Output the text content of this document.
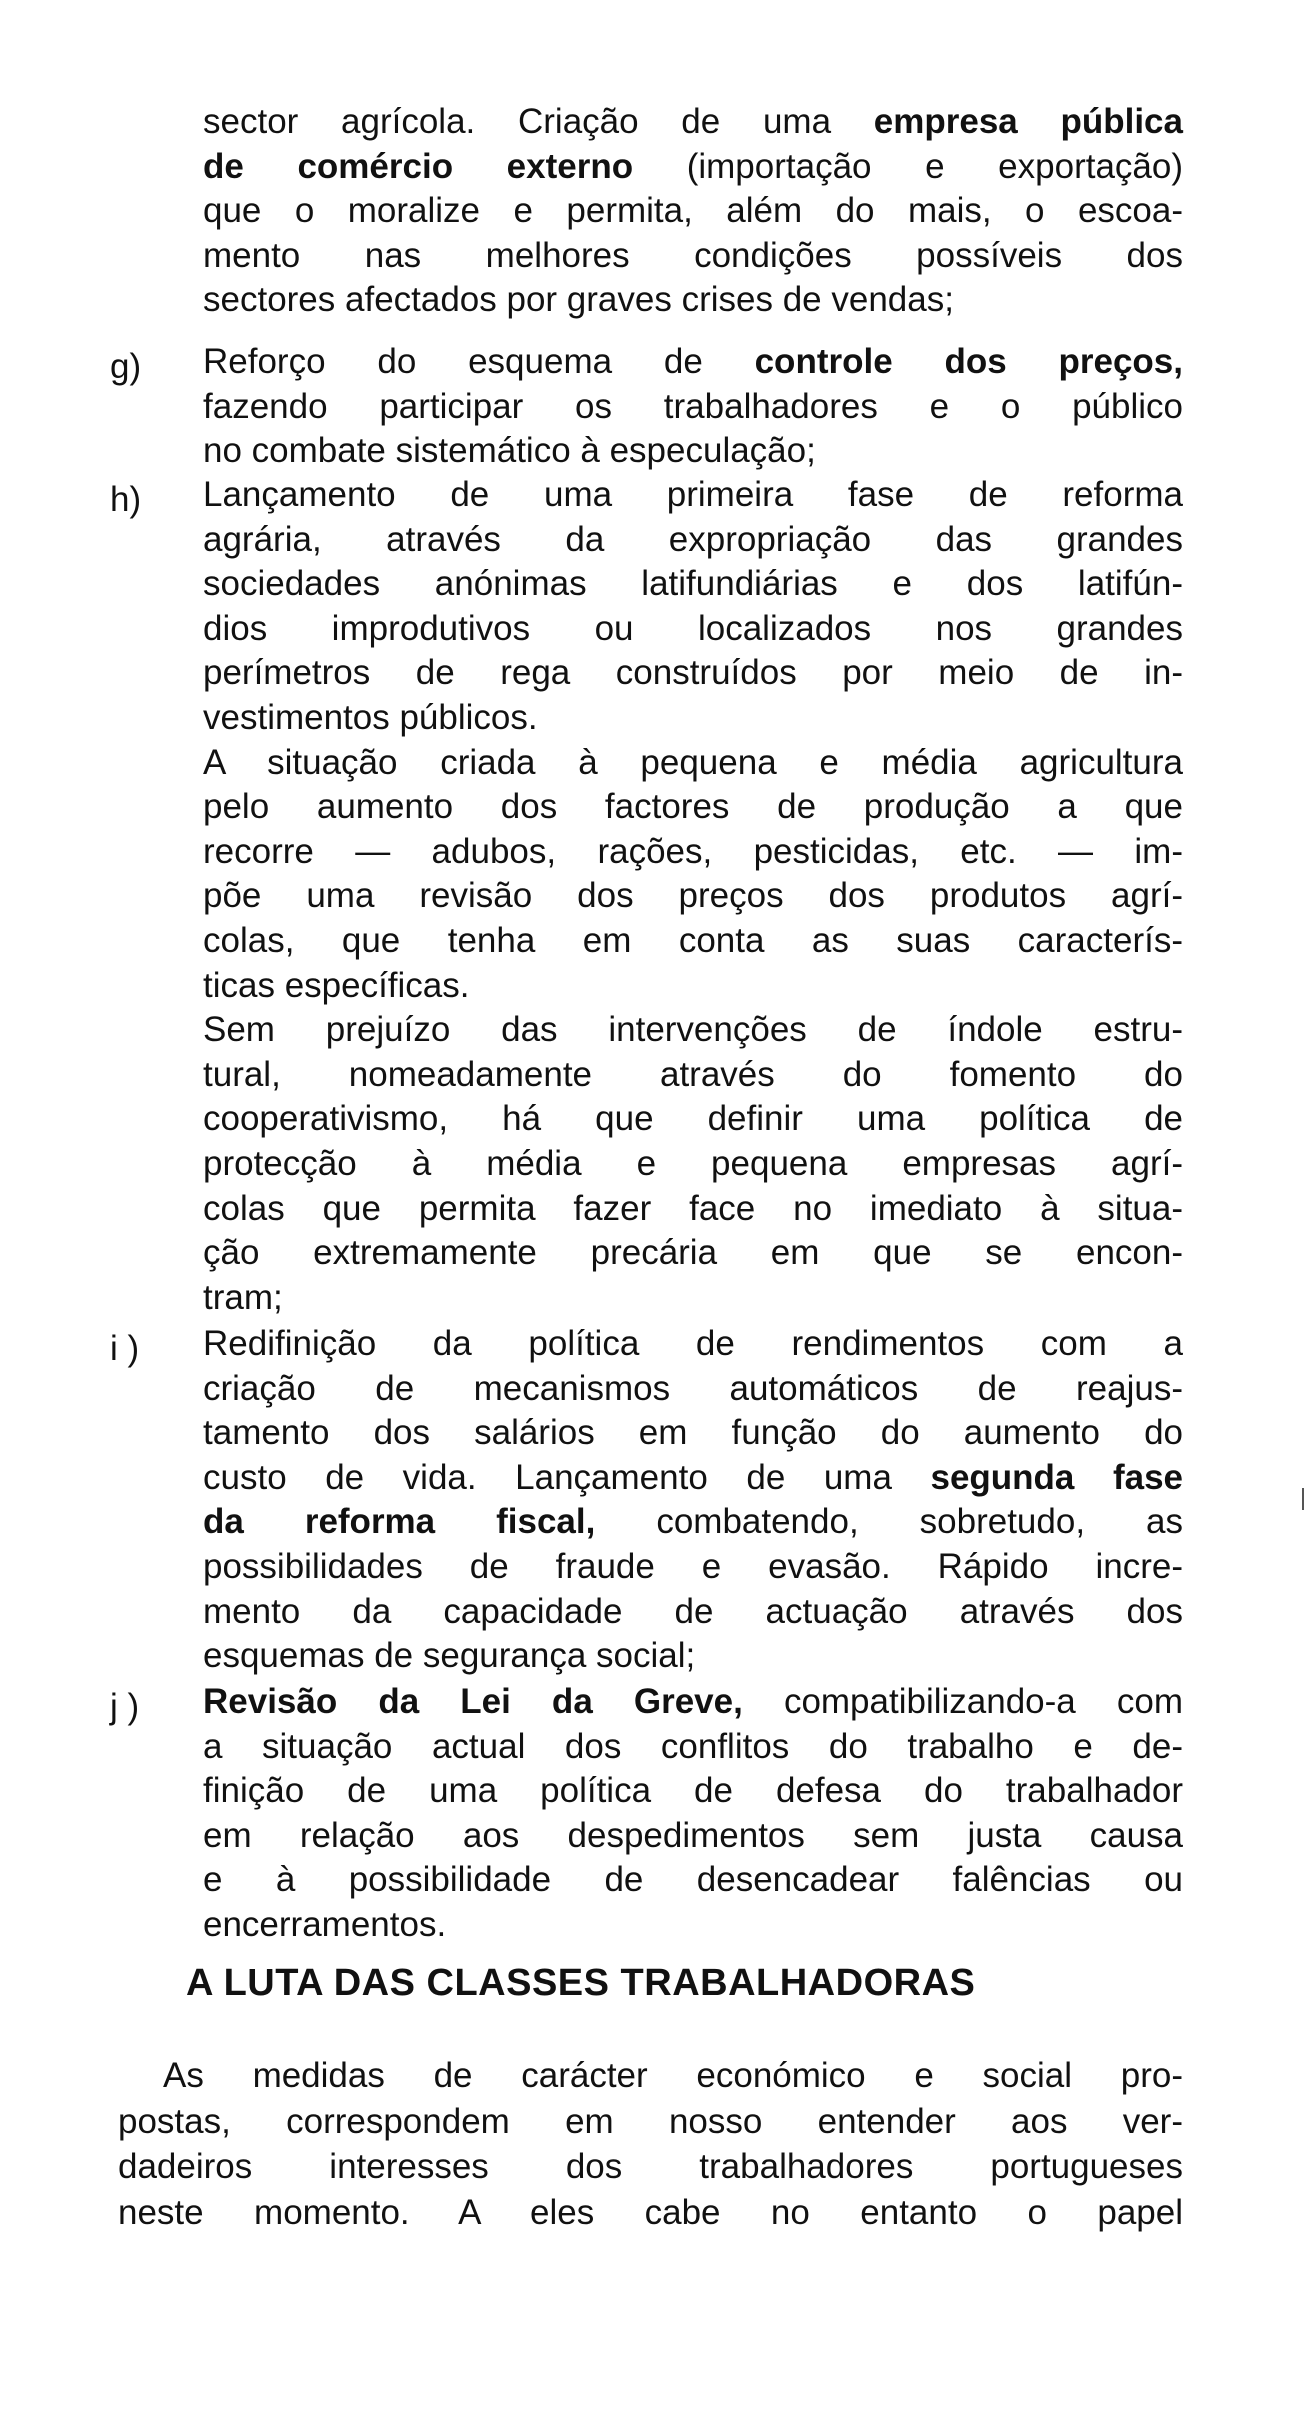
sector agrícola. Criação de uma empresa pública
de comércio externo (importação e exportação)
que o moralize e permita, além do mais, o escoa-
mento nas melhores condições possíveis dos
sectores afectados por graves crises de vendas;
g) Reforço do esquema de controle dos preços,
fazendo participar os trabalhadores e o público
no combate sistemático à especulação;
h) Lançamento de uma primeira fase de reforma
agrária, através da expropriação das grandes
sociedades anónimas latifundiárias e dos latifún-
dios improdutivos ou localizados nos grandes
perímetros de rega construídos por meio de in-
vestimentos públicos.
A situação criada à pequena e média agricultura
pelo aumento dos factores de produção a que
recorre — adubos, rações, pesticidas, etc. — im-
põe uma revisão dos preços dos produtos agrí-
colas, que tenha em conta as suas caracterís-
ticas específicas.
Sem prejuízo das intervenções de índole estru-
tural, nomeadamente através do fomento do
cooperativismo, há que definir uma política de
protecção à média e pequena empresas agrí-
colas que permita fazer face no imediato à situa-
ção extremamente precária em que se encon-
tram;
i ) Redifinição da política de rendimentos com a
criação de mecanismos automáticos de reajus-
tamento dos salários em função do aumento do
custo de vida. Lançamento de uma segunda fase
da reforma fiscal, combatendo, sobretudo, as
possibilidades de fraude e evasão. Rápido incre-
mento da capacidade de actuação através dos
esquemas de segurança social;
j ) Revisão da Lei da Greve, compatibilizando-a com
a situação actual dos conflitos do trabalho e de-
finição de uma política de defesa do trabalhador
em relação aos despedimentos sem justa causa
e à possibilidade de desencadear falências ou
encerramentos.
A LUTA DAS CLASSES TRABALHADORAS
As medidas de carácter económico e social pro-
postas, correspondem em nosso entender aos ver-
dadeiros interesses dos trabalhadores portugueses
neste momento. A eles cabe no entanto o papel
